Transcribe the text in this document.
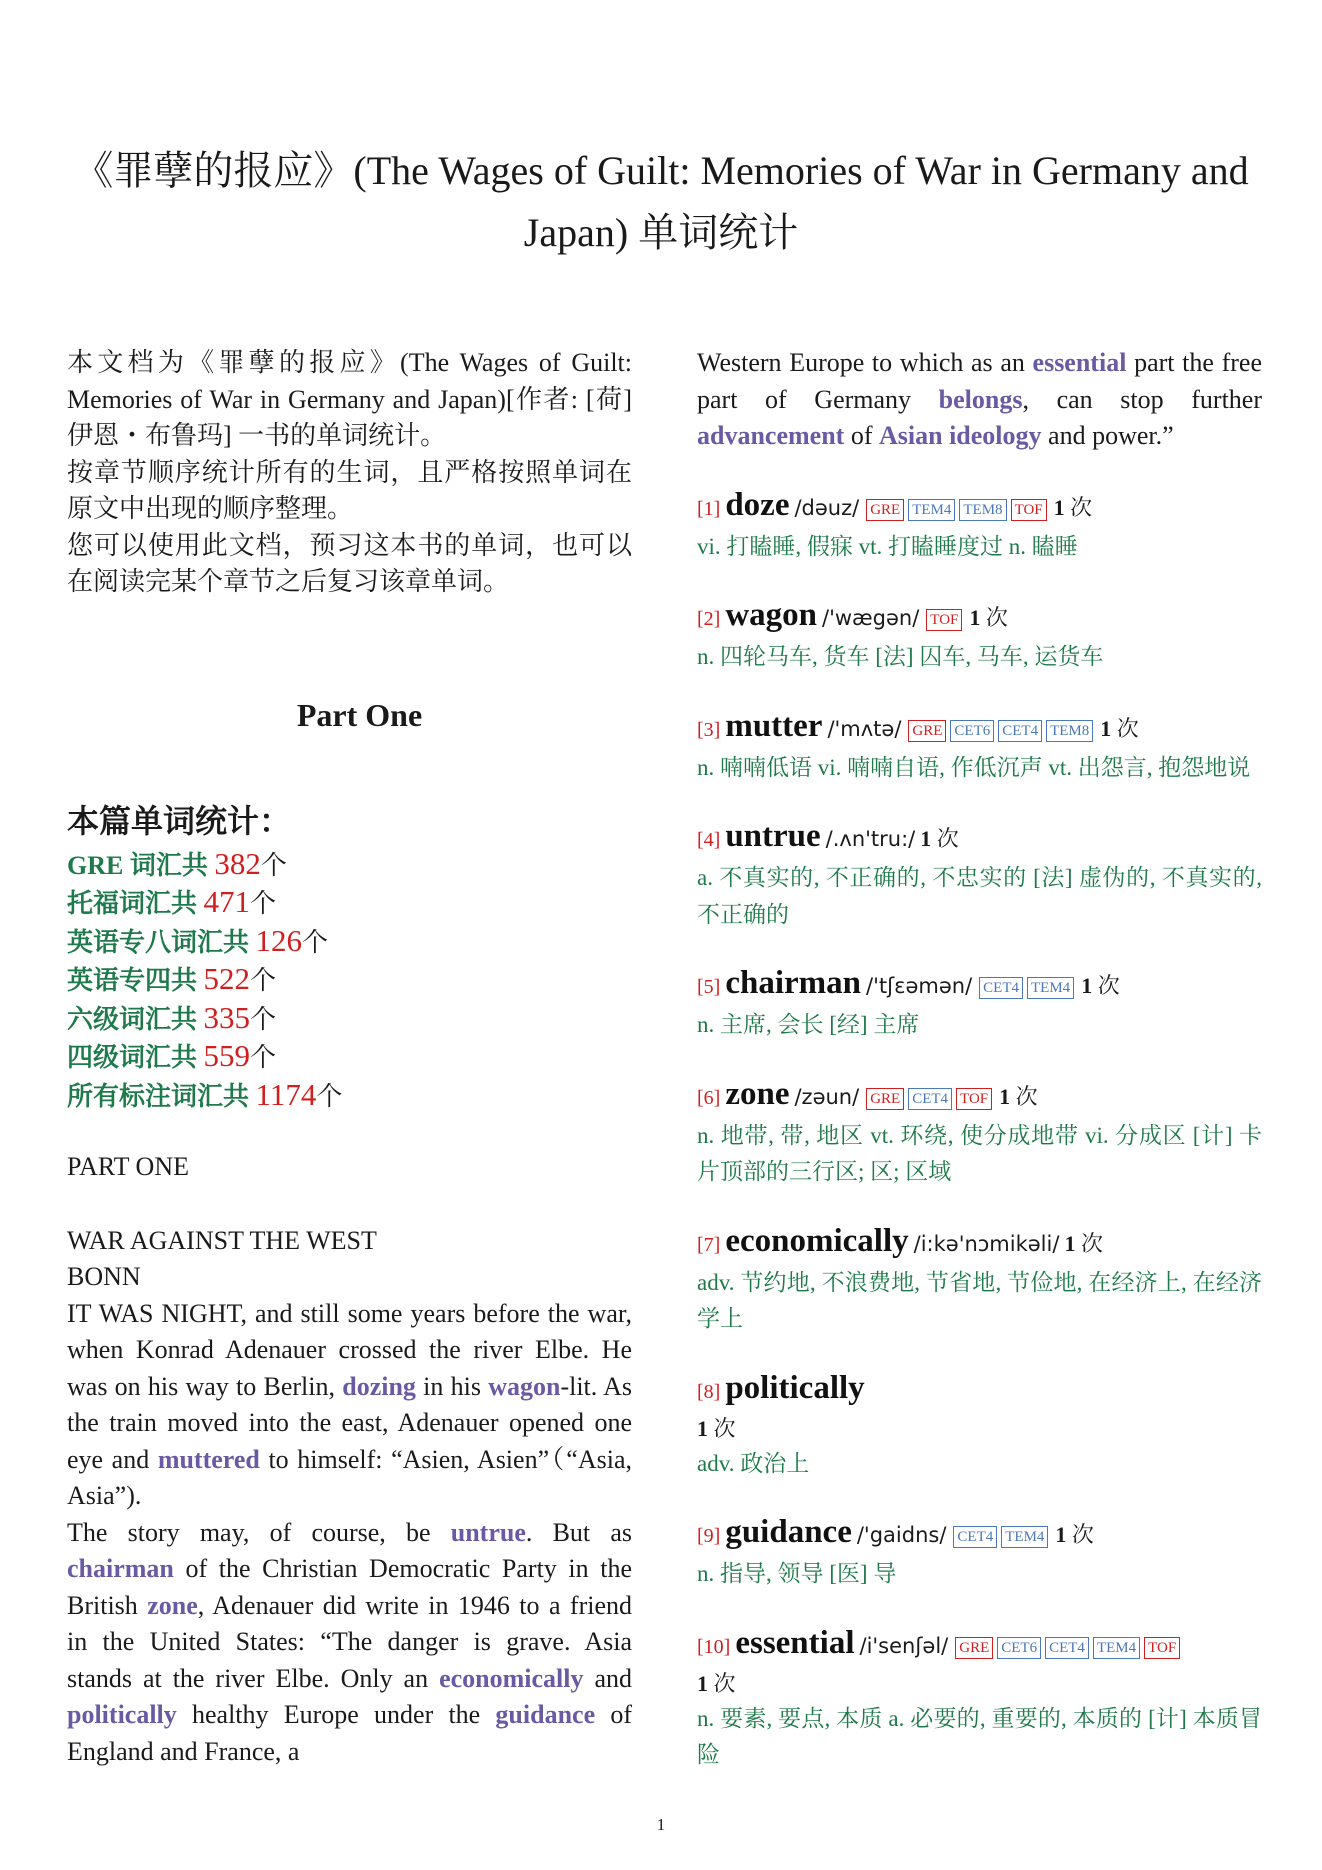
《罪孽的报应》(The Wages of Guilt: Memories of War in Germany and Japan) 单词统计

本文档为《罪孽的报应》(The Wages of Guilt: Memories of War in Germany and Japan)[作者: [荷] 伊恩・布鲁玛] 一书的单词统计。

按章节顺序统计所有的生词，且严格按照单词在原文中出现的顺序整理。

您可以使用此文档，预习这本书的单词，也可以在阅读完某个章节之后复习该章单词。

Part One
本篇单词统计：
GRE 词汇共 382个
托福词汇共 471个
英语专八词汇共 126个
英语专四共 522个
六级词汇共 335个
四级词汇共 559个
所有标注词汇共 1174个
PART ONE
WAR AGAINST THE WEST
BONN

IT WAS NIGHT, and still some years before the war, when Konrad Adenauer crossed the river Elbe. He was on his way to Berlin, dozing in his wagon-lit. As the train moved into the east, Adenauer opened one eye and muttered to himself: “Asien, Asien”（“Asia, Asia”).

The story may, of course, be untrue. But as chairman of the Christian Democratic Party in the British zone, Adenauer did write in 1946 to a friend in the United States: “The danger is grave. Asia stands at the river Elbe. Only an economically and politically healthy Europe under the guidance of England and France, a

Western Europe to which as an essential part the free part of Germany belongs, can stop further advancement of Asian ideology and power.”

[1] doze /dəuz/ GRE TEM4 TEM8 TOF 1 次

vi. 打瞌睡, 假寐 vt. 打瞌睡度过 n. 瞌睡

[2] wagon /'wægən/ TOF 1 次

n. 四轮马车, 货车 [法] 囚车, 马车, 运货车

[3] mutter /'mʌtə/ GRE CET6 CET4 TEM8 1 次

n. 喃喃低语 vi. 喃喃自语, 作低沉声 vt. 出怨言, 抱怨地说

[4] untrue /.ʌn'tru:/ 1 次

a. 不真实的, 不正确的, 不忠实的 [法] 虚伪的, 不真实的, 不正确的

[5] chairman /'tʃɛəmən/ CET4 TEM4 1 次

n. 主席, 会长 [经] 主席

[6] zone /zəun/ GRE CET4 TOF 1 次

n. 地带, 带, 地区 vt. 环绕, 使分成地带 vi. 分成区 [计] 卡片顶部的三行区; 区; 区域

[7] economically /i:kə'nɔmikəli/ 1 次

adv. 节约地, 不浪费地, 节省地, 节俭地, 在经济上, 在经济学上

[8] politically
1 次

adv. 政治上

[9] guidance /'gaidns/ CET4 TEM4 1 次

n. 指导, 领导 [医] 导

[10] essential /i'senʃəl/ GRE CET6 CET4 TEM4 TOF
1 次

n. 要素, 要点, 本质 a. 必要的, 重要的, 本质的 [计] 本质冒险

1
